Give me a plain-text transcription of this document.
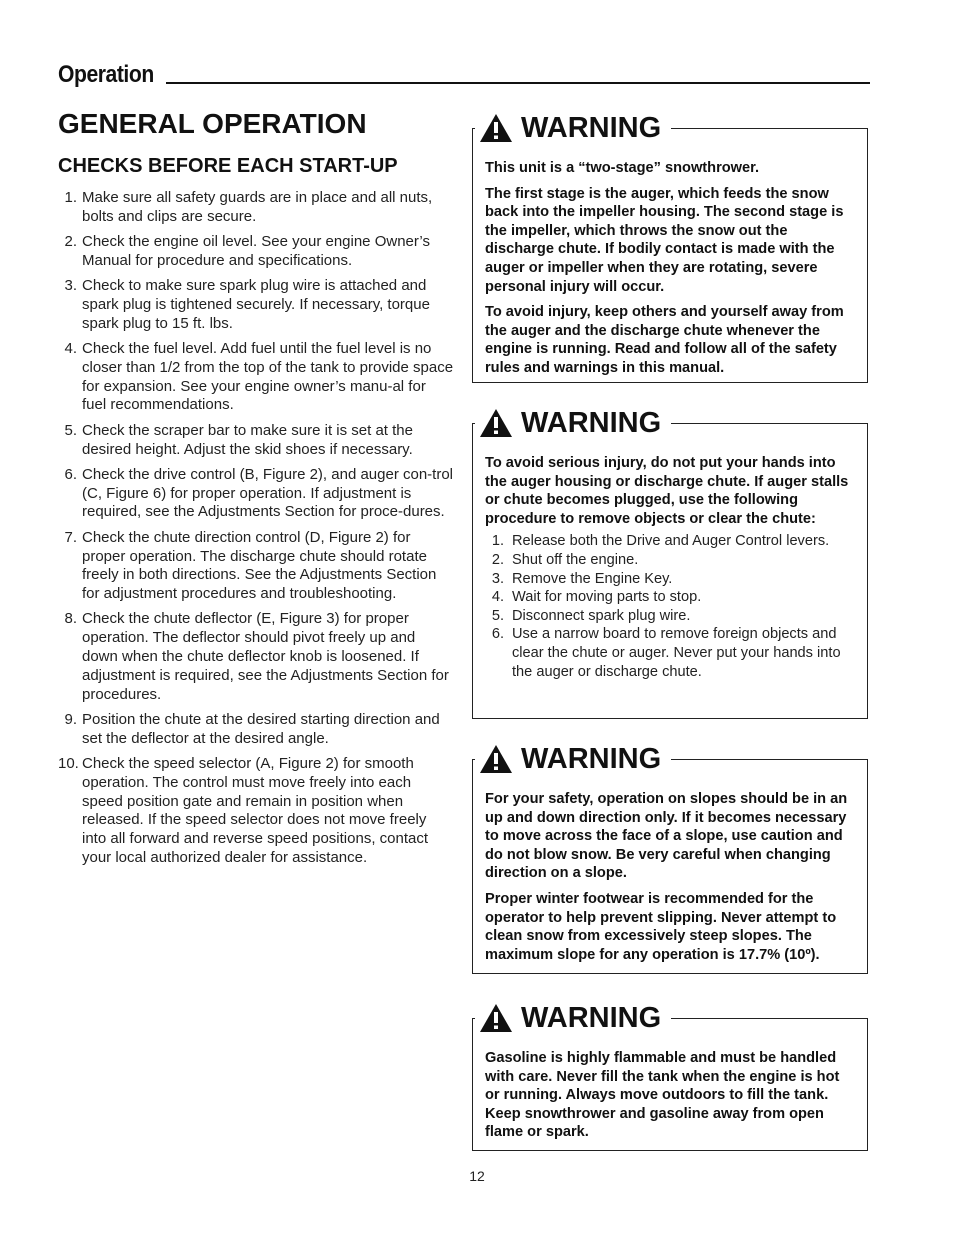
Operation
GENERAL OPERATION
CHECKS BEFORE EACH START-UP
1. Make sure all safety guards are in place and all nuts, bolts and clips are secure.
2. Check the engine oil level. See your engine Owner’s Manual for procedure and specifications.
3. Check to make sure spark plug wire is attached and spark plug is tightened securely. If necessary, torque spark plug to 15 ft. lbs.
4. Check the fuel level. Add fuel until the fuel level is no closer than 1/2 from the top of the tank to provide space for expansion. See your engine owner’s manu-al for fuel recommendations.
5. Check the scraper bar to make sure it is set at the desired height. Adjust the skid shoes if necessary.
6. Check the drive control (B, Figure 2), and auger con-trol (C, Figure 6) for proper operation. If adjustment is required, see the Adjustments Section for proce-dures.
7. Check the chute direction control (D, Figure 2) for proper operation. The discharge chute should rotate freely in both directions. See the Adjustments Section for adjustment procedures and troubleshooting.
8. Check the chute deflector (E, Figure 3) for proper operation. The deflector should pivot freely up and down when the chute deflector knob is loosened. If adjustment is required, see the Adjustments Section for procedures.
9. Position the chute at the desired starting direction and set the deflector at the desired angle.
10. Check the speed selector (A, Figure 2) for smooth operation. The control must move freely into each speed position gate and remain in position when released. If the speed selector does not move freely into all forward and reverse speed positions, contact your local authorized dealer for assistance.
WARNING

This unit is a “two-stage” snowthrower.

The first stage is the auger, which feeds the snow back into the impeller housing. The second stage is the impeller, which throws the snow out the discharge chute. If bodily contact is made with the auger or impeller when they are rotating, severe personal injury will occur.

To avoid injury, keep others and yourself away from the auger and the discharge chute whenever the engine is running. Read and follow all of the safety rules and warnings in this manual.

WARNING

To avoid serious injury, do not put your hands into the auger housing or discharge chute. If auger stalls or chute becomes plugged, use the following procedure to remove objects or clear the chute:

1. Release both the Drive and Auger Control levers.
2. Shut off the engine.
3. Remove the Engine Key.
4. Wait for moving parts to stop.
5. Disconnect spark plug wire.
6. Use a narrow board to remove foreign objects and clear the chute or auger. Never put your hands into the auger or discharge chute.
WARNING

For your safety, operation on slopes should be in an up and down direction only. If it becomes necessary to move across the face of a slope, use caution and do not blow snow. Be very careful when changing direction on a slope.

Proper winter footwear is recommended for the operator to help prevent slipping. Never attempt to clean snow from excessively steep slopes. The maximum slope for any operation is 17.7% (10º).

WARNING

Gasoline is highly flammable and must be handled with care. Never fill the tank when the engine is hot or running. Always move outdoors to fill the tank. Keep snowthrower and gasoline away from open flame or spark.

12
